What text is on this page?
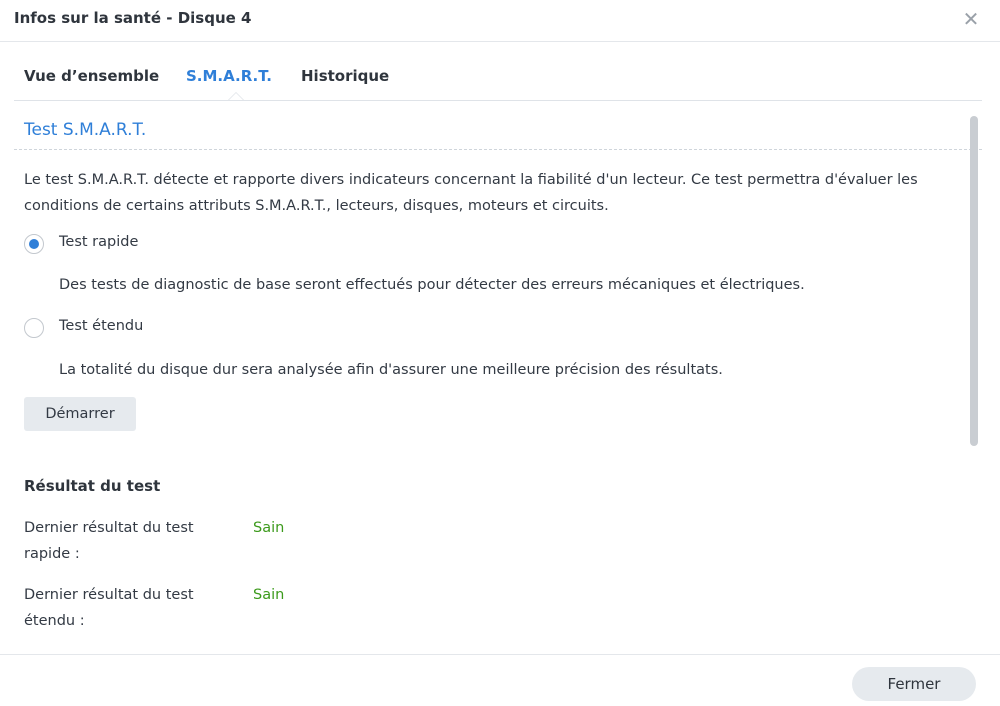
Infos sur la santé - Disque 4	✕
Vue d’ensemble S.M.A.R.T. Historique
Test S.M.A.R.T.
Le test S.M.A.R.T. détecte et rapporte divers indicateurs concernant la fiabilité d'un lecteur. Ce test permettra d'évaluer les conditions de certains attributs S.M.A.R.T., lecteurs, disques, moteurs et circuits.
Test rapide
Des tests de diagnostic de base seront effectués pour détecter des erreurs mécaniques et électriques.
Test étendu
La totalité du disque dur sera analysée afin d'assurer une meilleure précision des résultats.
Démarrer
Résultat du test
Dernier résultat du test rapide :
Sain
Dernier résultat du test étendu :
Sain
Fermer
